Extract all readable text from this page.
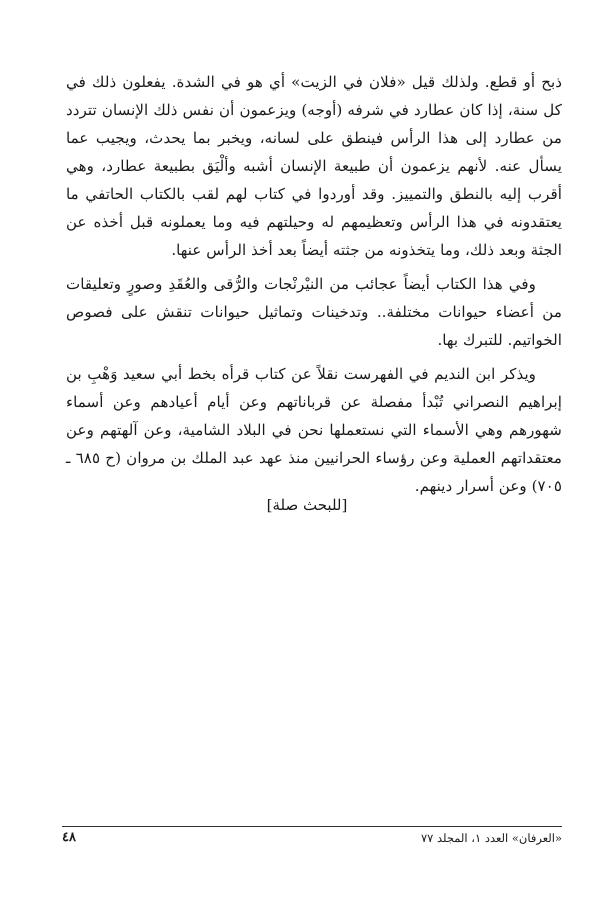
ذبح أو قطع. ولذلك قيل «فلان في الزيت» أي هو في الشدة. يفعلون ذلك في كل سنة، إذا كان عطارد في شرفه (أوجه) ويزعمون أن نفس ذلك الإنسان تتردد من عطارد إلى هذا الرأس فينطق على لسانه، ويخبر بما يحدث، ويجيب عما يسأل عنه. لأنهم يزعمون أن طبيعة الإنسان أشبه وألْيَق بطبيعة عطارد، وهي أقرب إليه بالنطق والتمييز. وقد أوردوا في كتاب لهم لقب بالكتاب الحاتفي ما يعتقدونه في هذا الرأس وتعظيمهم له وحيلتهم فيه وما يعملونه قبل أخذه عن الجثة وبعد ذلك، وما يتخذونه من جثته أيضاً بعد أخذ الرأس عنها.

وفي هذا الكتاب أيضاً عجائب من النيْرنْجات والرُّقى والعُقَدِ وصورٍ وتعليقات من أعضاء حيوانات مختلفة.. وتدخينات وتماثيل حيوانات تنقش على فصوص الخواتيم. للتبرك بها.

ويذكر ابن النديم في الفهرست نقلاً عن كتاب قرأه بخط أبي سعيد وَهْبِ بن إبراهيم النصراني تُبْدأ مفصلة عن قرباناتهم وعن أيام أعيادهم وعن أسماء شهورهم وهي الأسماء التي نستعملها نحن في البلاد الشامية، وعن آلهتهم وعن معتقداتهم العملية وعن رؤساء الحرانيين منذ عهد عبد الملك بن مروان (ح ٦٨٥ ـ ٧٠٥) وعن أسرار دينهم.

[للبحث صلة]
٤٨	«العرفان» العدد ١، المجلد ٧٧
